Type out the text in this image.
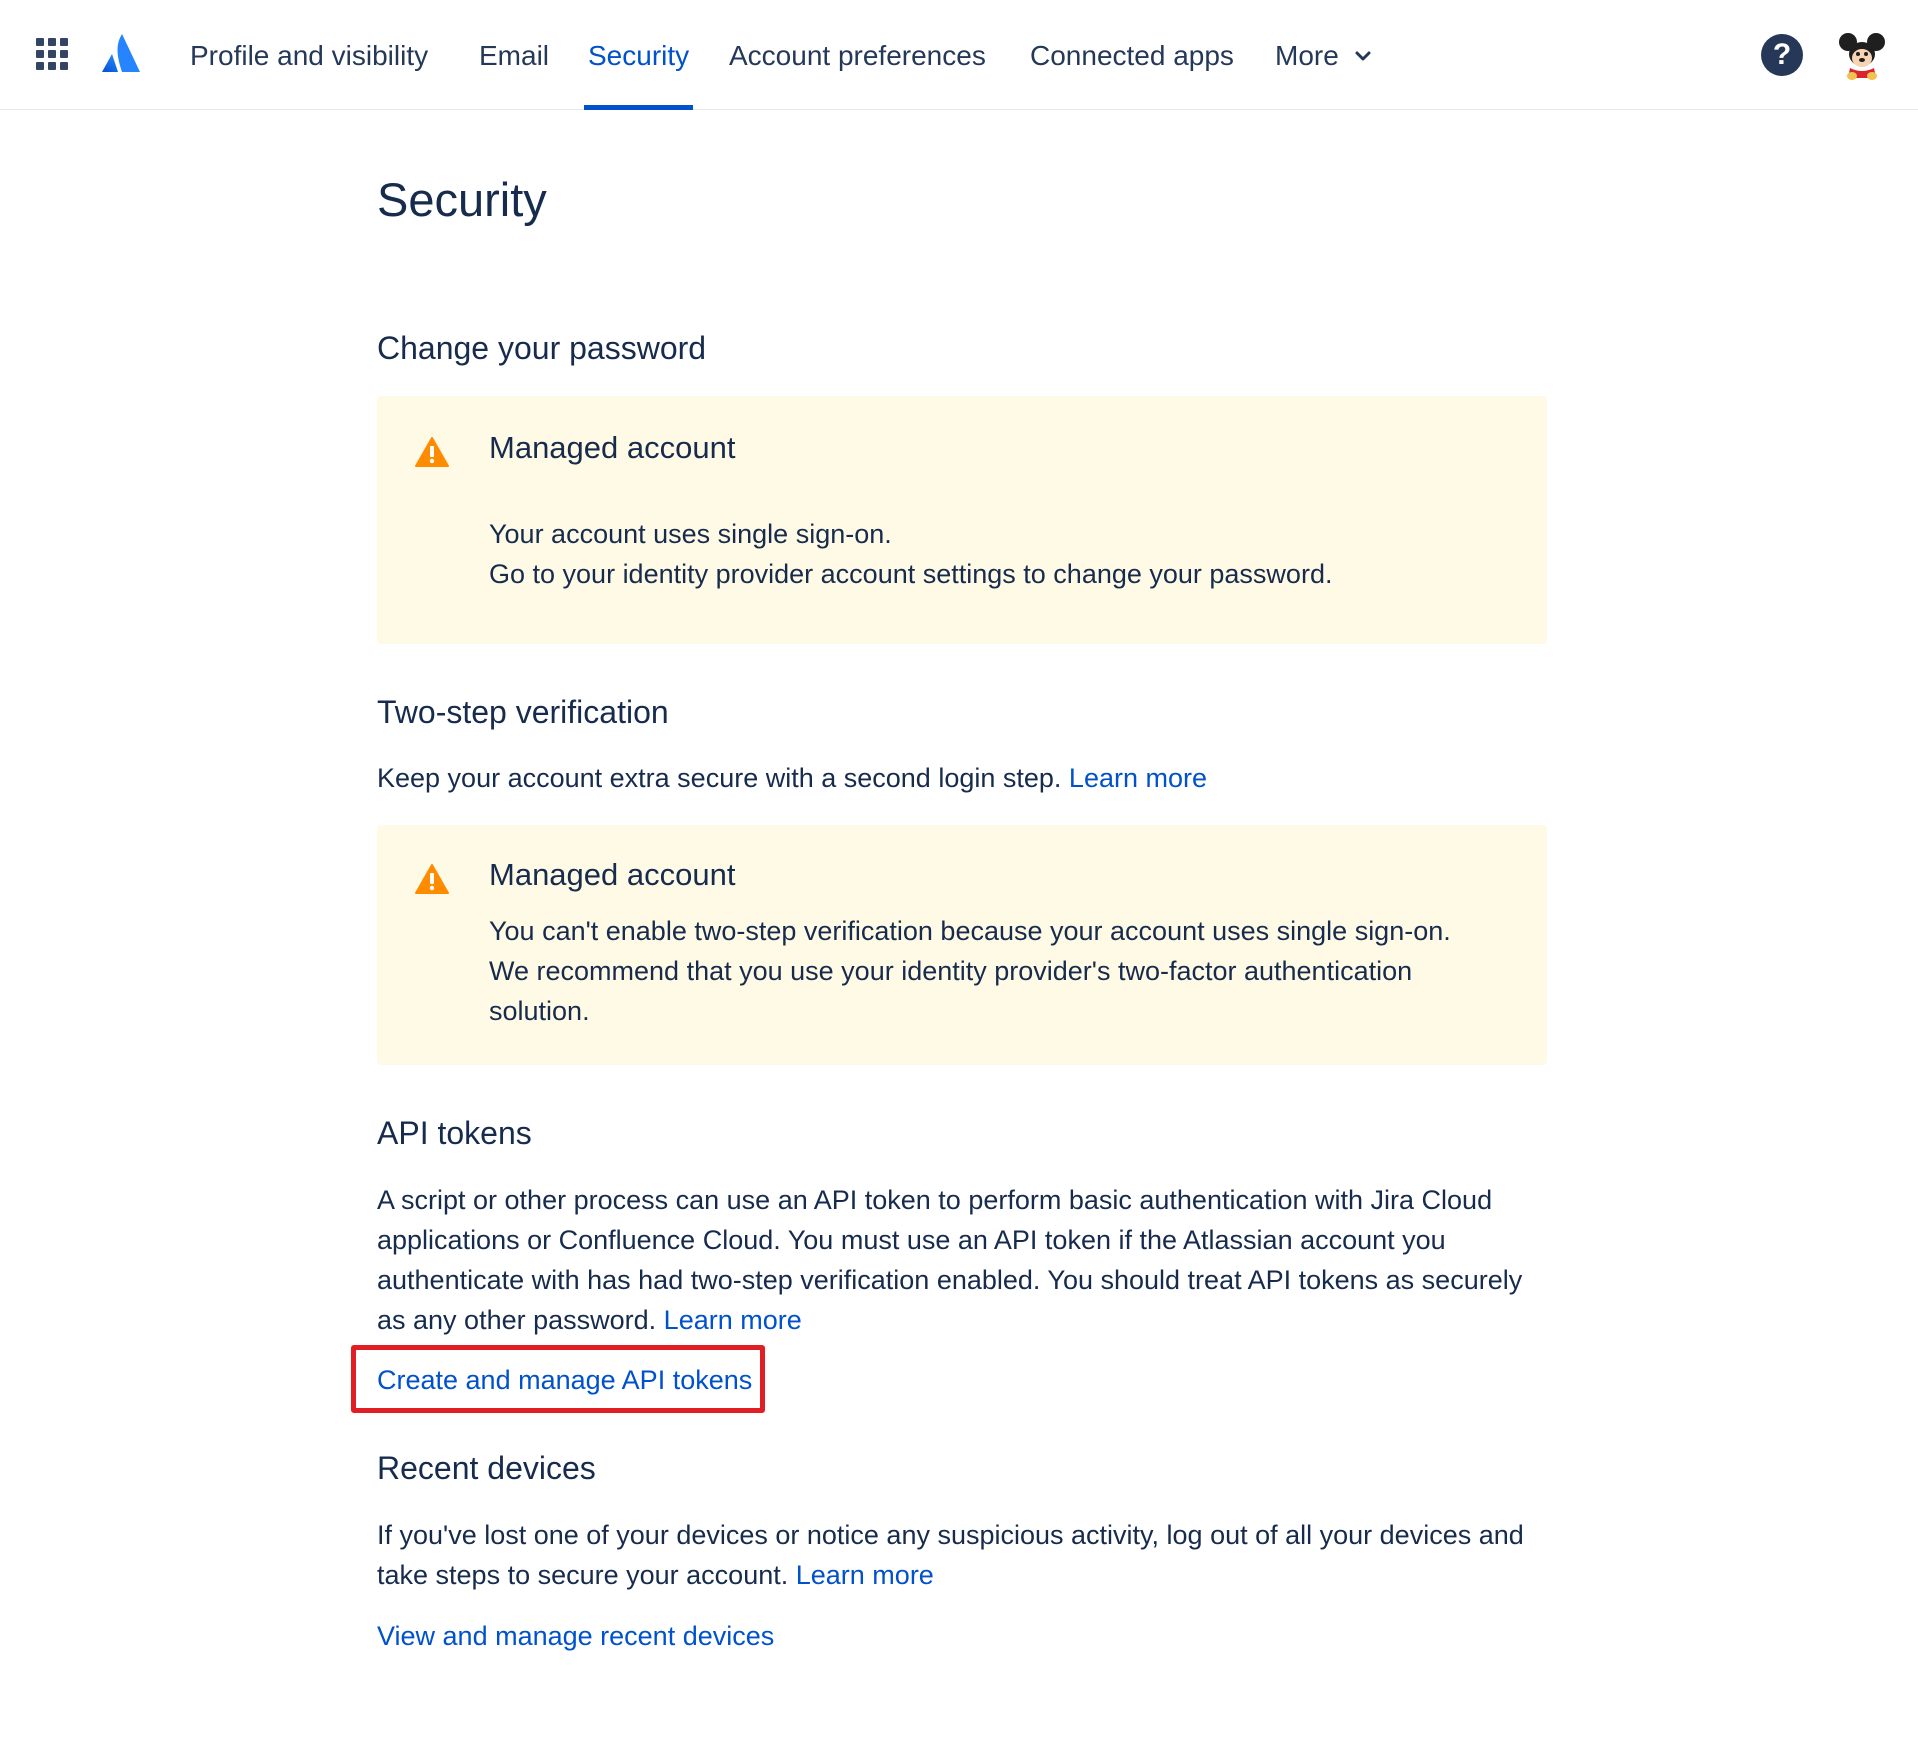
Profile and visibility Email Security Account preferences Connected apps More	?
Security
Change your password
Managed account

Your account uses single sign-on.
Go to your identity provider account settings to change your password.

Two-step verification

Keep your account extra secure with a second login step. Learn more

Managed account

You can't enable two-step verification because your account uses single sign-on.
We recommend that you use your identity provider's two-factor authentication solution.

API tokens

A script or other process can use an API token to perform basic authentication with Jira Cloud applications or Confluence Cloud. You must use an API token if the Atlassian account you authenticate with has had two-step verification enabled. You should treat API tokens as securely as any other password. Learn more

Create and manage API tokens
Recent devices

If you've lost one of your devices or notice any suspicious activity, log out of all your devices and take steps to secure your account. Learn more

View and manage recent devices
